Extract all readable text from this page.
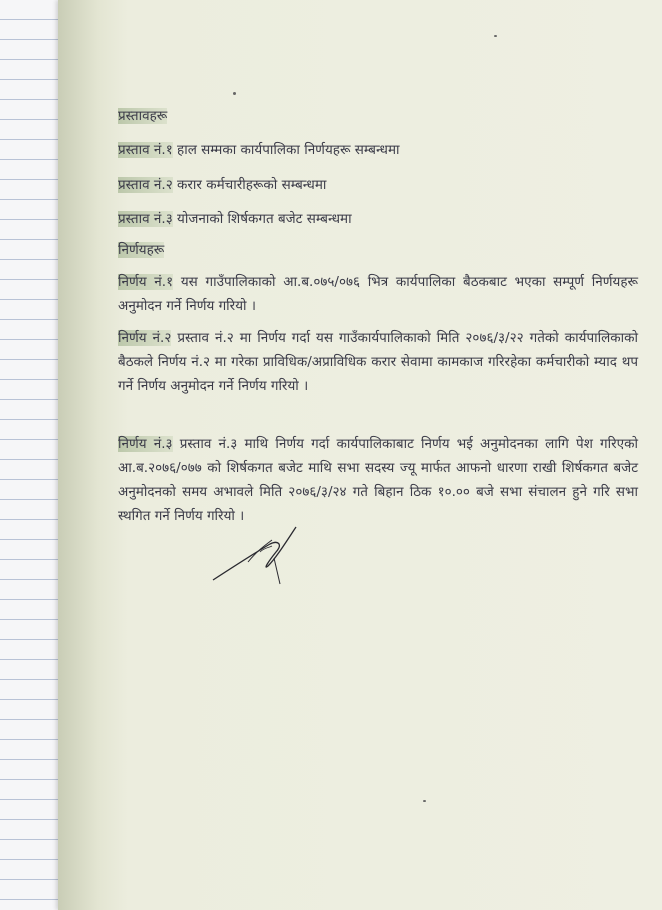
प्रस्तावहरू
प्रस्ताव नं.१ हाल सम्मका कार्यपालिका निर्णयहरू सम्बन्धमा
प्रस्ताव नं.२ करार कर्मचारीहरूको सम्बन्धमा
प्रस्ताव नं.३ योजनाको शिर्षकगत बजेट सम्बन्धमा
निर्णयहरू
निर्णय नं.१ यस गाउँपालिकाको आ.ब.०७५/०७६ भित्र कार्यपालिका बैठकबाट भएका सम्पूर्ण निर्णयहरू अनुमोदन गर्ने निर्णय गरियो ।
निर्णय नं.२ प्रस्ताव नं.२ मा निर्णय गर्दा यस गाउँकार्यपालिकाको मिति २०७६/३/२२ गतेको कार्यपालिकाको बैठकले निर्णय नं.२ मा गरेका प्राविधिक/अप्राविधिक करार सेवामा कामकाज गरिरहेका कर्मचारीको म्याद थप गर्ने निर्णय अनुमोदन गर्ने निर्णय गरियो ।
निर्णय नं.३ प्रस्ताव नं.३ माथि निर्णय गर्दा कार्यपालिकाबाट निर्णय भई अनुमोदनका लागि पेश गरिएको आ.ब.२०७६/०७७ को शिर्षकगत बजेट माथि सभा सदस्य ज्यू मार्फत आफनो धारणा राखी शिर्षकगत बजेट अनुमोदनको समय अभावले मिति २०७६/३/२४ गते बिहान ठिक १०.०० बजे सभा संचालन हुने गरि सभा स्थगित गर्ने निर्णय गरियो ।
